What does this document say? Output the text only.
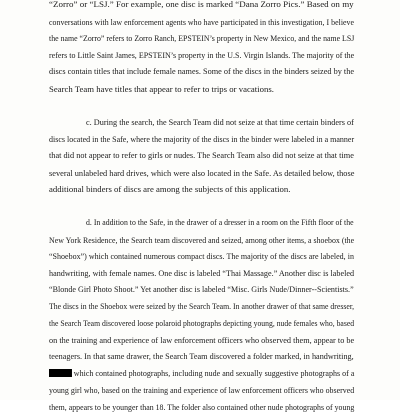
“Zorro” or “LSJ.” For example, one disc is marked “Dana Zorro Pics.” Based on my
conversations with law enforcement agents who have participated in this investigation, I believe
the name “Zorro” refers to Zorro Ranch, EPSTEIN’s property in New Mexico, and the name LSJ
refers to Little Saint James, EPSTEIN’s property in the U.S. Virgin Islands. The majority of the
discs contain titles that include female names. Some of the discs in the binders seized by the
Search Team have titles that appear to refer to trips or vacations.
c. During the search, the Search Team did not seize at that time certain binders of
discs located in the Safe, where the majority of the discs in the binder were labeled in a manner
that did not appear to refer to girls or nudes. The Search Team also did not seize at that time
several unlabeled hard drives, which were also located in the Safe. As detailed below, those
additional binders of discs are among the subjects of this application.
d. In addition to the Safe, in the drawer of a dresser in a room on the Fifth floor of the
New York Residence, the Search team discovered and seized, among other items, a shoebox (the
“Shoebox”) which contained numerous compact discs. The majority of the discs are labeled, in
handwriting, with female names. One disc is labeled “Thai Massage.” Another disc is labeled
“Blonde Girl Photo Shoot.” Yet another disc is labeled “Misc. Girls Nude/Dinner--Scientists.”
The discs in the Shoebox were seized by the Search Team. In another drawer of that same dresser,
the Search Team discovered loose polaroid photographs depicting young, nude females who, based
on the training and experience of law enforcement officers who observed them, appear to be
teenagers. In that same drawer, the Search Team discovered a folder marked, in handwriting,
which contained photographs, including nude and sexually suggestive photographs of a
young girl who, based on the training and experience of law enforcement officers who observed
them, appears to be younger than 18. The folder also contained other nude photographs of young
